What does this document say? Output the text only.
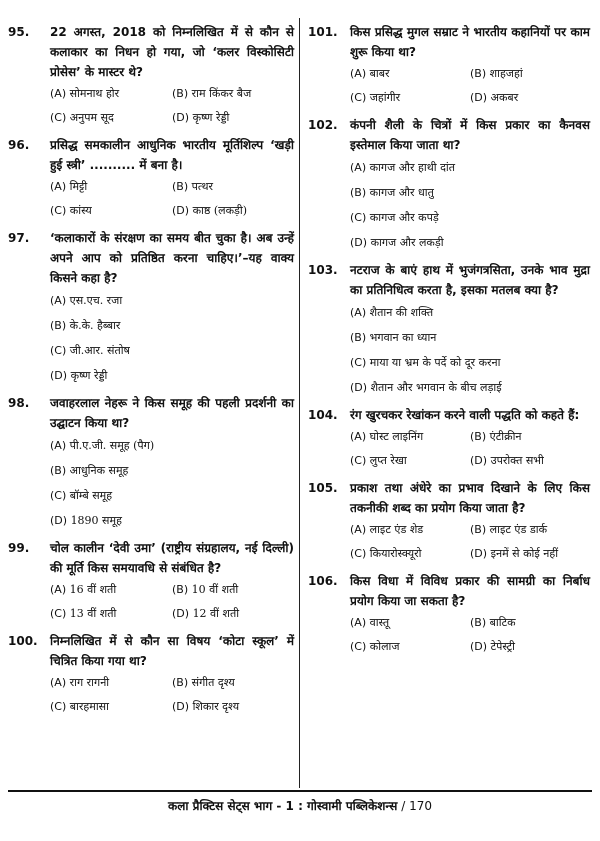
95.	22 अगस्त, 2018 को निम्नलिखित में से कौन से कलाकार का निधन हो गया, जो ‘कलर विस्कोसिटी प्रोसेस’ के मास्टर थे?
(A) सोमनाथ होर	(B) राम किंकर बैज
(C) अनुपम सूद	(D) कृष्ण रेड्डी
96.	प्रसिद्ध समकालीन आधुनिक भारतीय मूर्तिशिल्प ‘खड़ी हुई स्त्री’ .......... में बना है।
(A) मिट्टी	(B) पत्थर
(C) कांस्य	(D) काष्ठ (लकड़ी)
97.	‘कलाकारों के संरक्षण का समय बीत चुका है। अब उन्हें अपने आप को प्रतिष्ठित करना चाहिए।’–यह वाक्य किसने कहा है?
(A) एस.एच. रजा
(B) के.के. हैब्बार
(C) जी.आर. संतोष
(D) कृष्ण रेड्डी
98.	जवाहरलाल नेहरू ने किस समूह की पहली प्रदर्शनी का उद्घाटन किया था?
(A) पी.ए.जी. समूह (पैग)
(B) आधुनिक समूह
(C) बॉम्बे समूह
(D) 1890 समूह
99.	चोल कालीन ‘देवी उमा’ (राष्ट्रीय संग्रहालय, नई दिल्ली) की मूर्ति किस समयावधि से संबंधित है?
(A) 16 वीं शती	(B) 10 वीं शती
(C) 13 वीं शती	(D) 12 वीं शती
100.	निम्नलिखित में से कौन सा विषय ‘कोटा स्कूल’ में चित्रित किया गया था?
(A) राग रागनी	(B) संगीत दृश्य
(C) बारहमासा	(D) शिकार दृश्य
101.	किस प्रसिद्ध मुगल सम्राट ने भारतीय कहानियों पर काम शुरू किया था?
(A) बाबर	(B) शाहजहां
(C) जहांगीर	(D) अकबर
102.	कंपनी शैली के चित्रों में किस प्रकार का कैनवस इस्तेमाल किया जाता था?
(A) कागज और हाथी दांत
(B) कागज और धातु
(C) कागज और कपड़े
(D) कागज और लकड़ी
103.	नटराज के बाएं हाथ में भुजंगत्रसिता, उनके भाव मुद्रा का प्रतिनिधित्व करता है, इसका मतलब क्या है?
(A) शैतान की शक्ति
(B) भगवान का ध्यान
(C) माया या भ्रम के पर्दे को दूर करना
(D) शैतान और भगवान के बीच लड़ाई
104.	रंग खुरचकर रेखांकन करने वाली पद्धति को कहते हैं:
(A) घोस्ट लाइनिंग	(B) एंटीक्रीन
(C) लुप्त रेखा	(D) उपरोक्त सभी
105.	प्रकाश तथा अंधेरे का प्रभाव दिखाने के लिए किस तकनीकी शब्द का प्रयोग किया जाता है?
(A) लाइट एंड शेड	(B) लाइट एंड डार्क
(C) कियारोस्क्यूरो	(D) इनमें से कोई नहीं
106.	किस विधा में विविध प्रकार की सामग्री का निर्बाध प्रयोग किया जा सकता है?
(A) वास्तू	(B) बाटिक
(C) कोलाज	(D) टेपेस्ट्री
कला प्रैक्टिस सेट्स भाग - 1 : गोस्वामी पब्लिकेशन्स / 170
